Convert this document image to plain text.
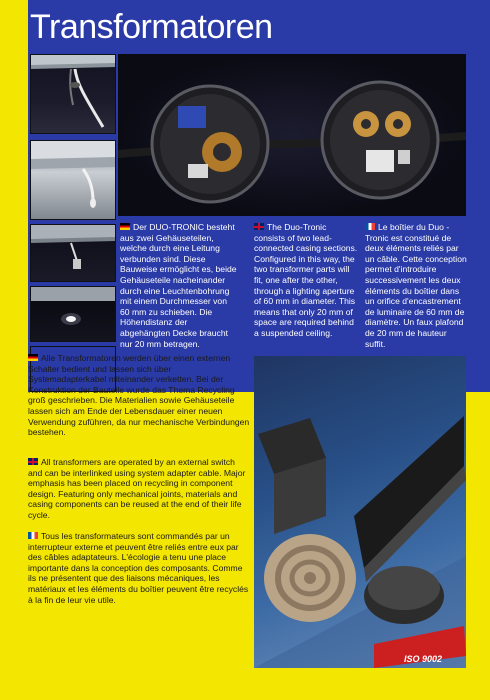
Transformatoren

Der DUO-TRONIC besteht aus zwei Gehäuseteilen, welche durch eine Leitung verbunden sind. Diese Bauweise ermöglicht es, beide Gehäuseteile nacheinander durch eine Leuchtenbohrung mit einem Durchmesser von 60 mm zu schieben. Die Höhendistanz der abgehängten Decke braucht nur 20 mm betragen.

The Duo-Tronic consists of two lead-connected casing sections. Configured in this way, the two transformer parts will fit, one after the other, through a lighting aperture of 60 mm in diameter. This means that only 20 mm of space are required behind a suspended ceiling.

Le boîtier du Duo - Tronic est constitué de deux éléments reliés par un câble. Cette conception permet d'introduire successivement les deux éléments du boîtier dans un orifice d'encastrement de luminaire de 60 mm de diamètre. Un faux plafond de 20 mm de hauteur suffit.

Alle Transformatoren werden über einen externen Schalter bedient und lassen sich über Systemadapterkabel miteinander verketten. Bei der Konstruktion der Bauteile wurde das Thema Recycling groß geschrieben. Die Materialien sowie Gehäuseteile lassen sich am Ende der Lebensdauer einer neuen Verwendung zuführen, da nur mechanische Verbindungen bestehen.

All transformers are operated by an external switch and can be interlinked using system adapter cable. Major emphasis has been placed on recycling in component design. Featuring only mechanical joints, materials and casing components can be reused at the end of their life cycle.

Tous les transformateurs sont commandés par un interrupteur externe et peuvent être reliés entre eux par des câbles adaptateurs. L'écologie a tenu une place importante dans la conception des composants. Comme ils ne présentent que des liaisons mécaniques, les matériaux et les éléments du boîtier peuvent être recyclés à la fin de leur vie utile.

ISO 9002
